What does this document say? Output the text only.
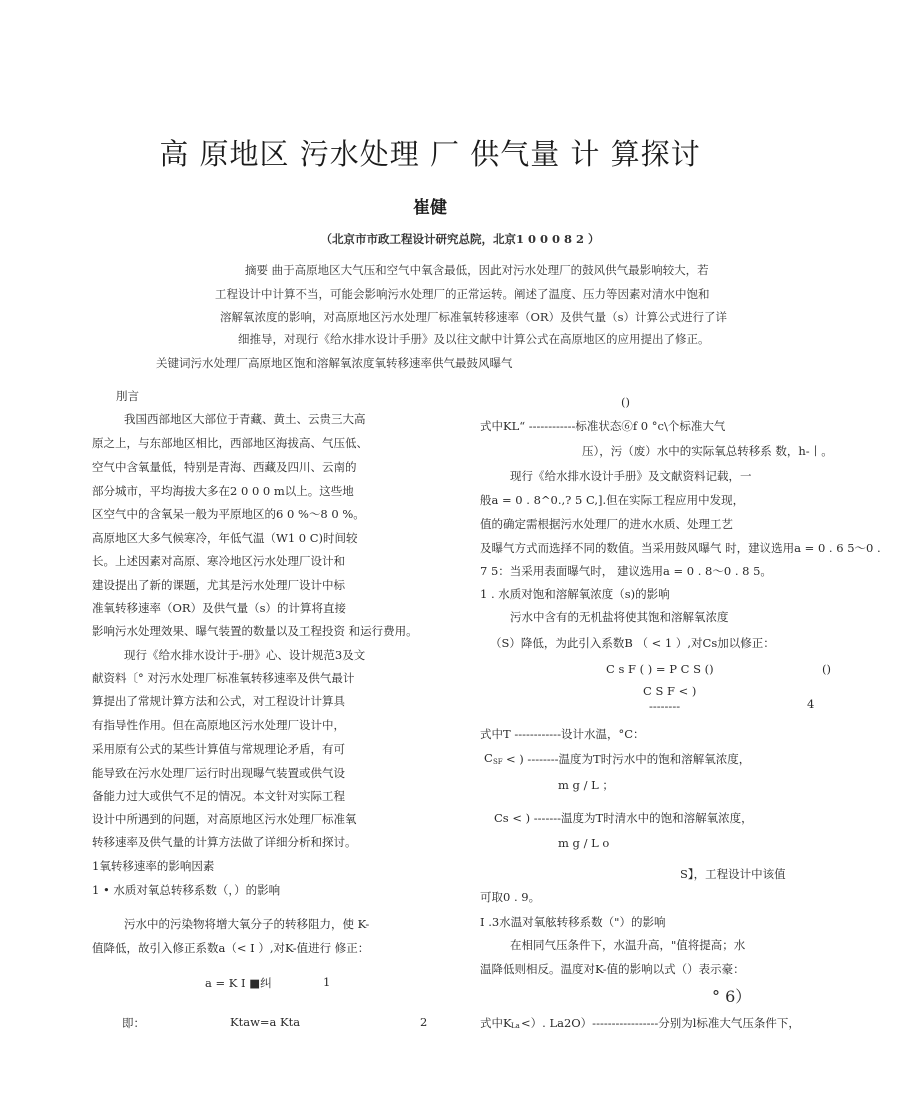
高 原地区 污水处理 厂 供气量 计 算探讨
崔健
（北京市市政工程设计研究总院，北京1 0 0 0 8 2 ）
摘要 曲于高原地区大气压和空气中氧含最低，因此对污水处理厂的鼓风供气最影响较大，若
工程设计中计算不当，可能会影响污水处理厂的正常运转。阐述了温度、压力等因素对清水中饱和
溶解氧浓度的影响，对高原地区污水处理厂标准氧转移速率（OR）及供气量（s）计算公式进行了详
细推导，对现行《给水排水设计手册》及以往文献中计算公式在高原地区的应用提出了修正。
关键词污水处理厂高原地区饱和溶解氧浓度氧转移速率供气最鼓风曝气
刖言
我国西部地区大部位于青藏、黄土、云贵三大高
原之上，与东部地区相比，西部地区海拔高、气压低、
空气中含氧量低，特别是青海、西藏及四川、云南的
部分城市，平均海拔大多在2 0 0 0 m以上。这些地
区空气中的含氧呆一般为平原地区的6 0 %〜8 0 %。
高原地区大多气候寒冷，年低气温（W1 0 C)时间较
长。上述因素对高原、寒冷地区污水处理厂设计和
建设提出了新的课题，尤其是污水处理厂设计中标
准氧转移速率（OR）及供气量（s）的计算将直接
影响污水处理效果、曝气装置的数量以及工程投资 和运行费用。
现行《给水排水设计于-册》心、设计规范3及文
献资料〔° 对污水处理厂标准氧转移速率及供气最计
算提出了常规计算方法和公式，对工程设计计算具
有指导性作用。但在高原地区污水处理厂设计中，
采用原有公式的某些计算值与常规理论矛盾，有可
能导致在污水处理厂运行时出现曝气装置或供气设
备能力过大或供气不足的情况。本文针对实际工程
设计中所遇到的问题，对高原地区污水处理厂标准氧
转移速率及供气量的计算方法做了详细分析和探讨。
1氧转移速率的影响因素
1 • 水质对氧总转移系数（，）的影响
污水中的污染物将增大氧分子的转移阻力，使 K-
值降低，故引入修正系数a（< I ）,对K-值进行 修正：
a = K I ■纠	1
即：	Ktaw=a Kta	2
()
式中KL“ ------------标准状态⑥f 0 °c\个标准大气
压），污（废）水中的实际氧总转移系 数，h-丨。
现行《给水排水设计手册》及文献资料记载，一
般a = 0 . 8^0.,? 5 C,].但在实际工程应用中发现，
值的确定需根据污水处理厂的进水水质、处理工艺
及曝气方式而选择不同的数值。当采用鼓风曝气 时，建议选用a = 0 . 6 5〜0 .
7 5：当采用表面曝气时， 建议选用a = 0 . 8〜0 . 8 5。
1 . 水质对饱和溶解氧浓度（s)的影响
污水中含有的无机盐将使其饱和溶解氧浓度
（S）降低，为此引入系数B （ < 1 ）,对Cs加以修正：
C s F ( ) = P C S ()	()
C S F < )
--------	4
式中T ------------设计水温，°C：
C SF < ) --------温度为T时污水中的饱和溶解氧浓度，
m g / L ；
Cs < ) -------温度为T时清水中的饱和溶解氧浓度，
m g / L o
S】，工程设计中该值
可取0 . 9。
I .3水温对氧舷转移系数（"）的影响
在相同气压条件下，水温升高，"值将提高；水
温降低则相反。温度对K-值的影响以式（）表示豪：
° 6）
式中K La <）. La2O）-----------------分别为l标准大气压条件下，
